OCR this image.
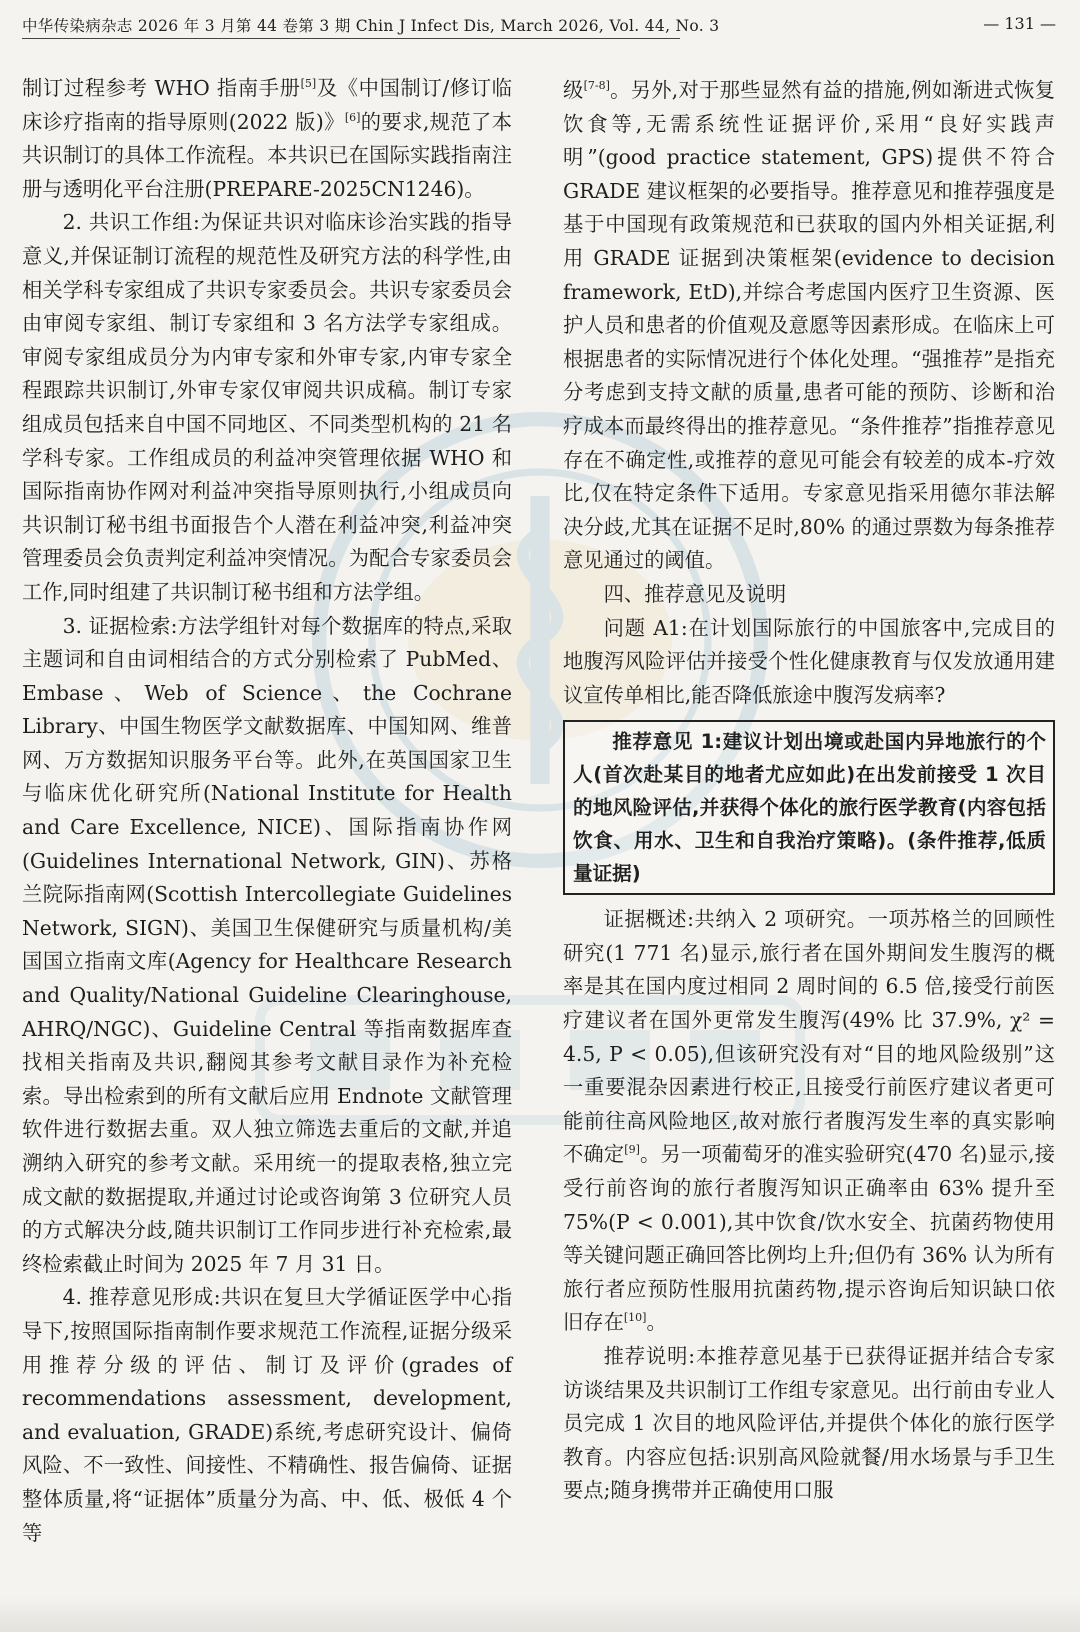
中华传染病杂志 2026 年 3 月第 44 卷第 3 期 Chin J Infect Dis, March 2026, Vol. 44, No. 3	— 131 —

制订过程参考 WHO 指南手册[5]及《中国制订/修订临床诊疗指南的指导原则(2022 版)》[6]的要求,规范了本共识制订的具体工作流程。本共识已在国际实践指南注册与透明化平台注册(PREPARE-2025CN1246)。

2. 共识工作组:为保证共识对临床诊治实践的指导意义,并保证制订流程的规范性及研究方法的科学性,由相关学科专家组成了共识专家委员会。共识专家委员会由审阅专家组、制订专家组和 3 名方法学专家组成。审阅专家组成员分为内审专家和外审专家,内审专家全程跟踪共识制订,外审专家仅审阅共识成稿。制订专家组成员包括来自中国不同地区、不同类型机构的 21 名学科专家。工作组成员的利益冲突管理依据 WHO 和国际指南协作网对利益冲突指导原则执行,小组成员向共识制订秘书组书面报告个人潜在利益冲突,利益冲突管理委员会负责判定利益冲突情况。为配合专家委员会工作,同时组建了共识制订秘书组和方法学组。

3. 证据检索:方法学组针对每个数据库的特点,采取主题词和自由词相结合的方式分别检索了 PubMed、Embase、Web of Science、the Cochrane Library、中国生物医学文献数据库、中国知网、维普网、万方数据知识服务平台等。此外,在英国国家卫生与临床优化研究所(National Institute for Health and Care Excellence, NICE)、国际指南协作网(Guidelines International Network, GIN)、苏格兰院际指南网(Scottish Intercollegiate Guidelines Network, SIGN)、美国卫生保健研究与质量机构/美国国立指南文库(Agency for Healthcare Research and Quality/National Guideline Clearinghouse, AHRQ/NGC)、Guideline Central 等指南数据库查找相关指南及共识,翻阅其参考文献目录作为补充检索。导出检索到的所有文献后应用 Endnote 文献管理软件进行数据去重。双人独立筛选去重后的文献,并追溯纳入研究的参考文献。采用统一的提取表格,独立完成文献的数据提取,并通过讨论或咨询第 3 位研究人员的方式解决分歧,随共识制订工作同步进行补充检索,最终检索截止时间为 2025 年 7 月 31 日。

4. 推荐意见形成:共识在复旦大学循证医学中心指导下,按照国际指南制作要求规范工作流程,证据分级采用推荐分级的评估、制订及评价(grades of recommendations assessment, development, and evaluation, GRADE)系统,考虑研究设计、偏倚风险、不一致性、间接性、不精确性、报告偏倚、证据整体质量,将“证据体”质量分为高、中、低、极低 4 个等

级[7-8]。另外,对于那些显然有益的措施,例如渐进式恢复饮食等,无需系统性证据评价,采用“良好实践声明”(good practice statement, GPS)提供不符合 GRADE 建议框架的必要指导。推荐意见和推荐强度是基于中国现有政策规范和已获取的国内外相关证据,利用 GRADE 证据到决策框架(evidence to decision framework, EtD),并综合考虑国内医疗卫生资源、医护人员和患者的价值观及意愿等因素形成。在临床上可根据患者的实际情况进行个体化处理。“强推荐”是指充分考虑到支持文献的质量,患者可能的预防、诊断和治疗成本而最终得出的推荐意见。“条件推荐”指推荐意见存在不确定性,或推荐的意见可能会有较差的成本-疗效比,仅在特定条件下适用。专家意见指采用德尔菲法解决分歧,尤其在证据不足时,80% 的通过票数为每条推荐意见通过的阈值。

四、推荐意见及说明

问题 A1:在计划国际旅行的中国旅客中,完成目的地腹泻风险评估并接受个性化健康教育与仅发放通用建议宣传单相比,能否降低旅途中腹泻发病率?

推荐意见 1:建议计划出境或赴国内异地旅行的个人(首次赴某目的地者尤应如此)在出发前接受 1 次目的地风险评估,并获得个体化的旅行医学教育(内容包括饮食、用水、卫生和自我治疗策略)。(条件推荐,低质量证据)

证据概述:共纳入 2 项研究。一项苏格兰的回顾性研究(1 771 名)显示,旅行者在国外期间发生腹泻的概率是其在国内度过相同 2 周时间的 6.5 倍,接受行前医疗建议者在国外更常发生腹泻(49% 比 37.9%, χ² = 4.5, P < 0.05),但该研究没有对“目的地风险级别”这一重要混杂因素进行校正,且接受行前医疗建议者更可能前往高风险地区,故对旅行者腹泻发生率的真实影响不确定[9]。另一项葡萄牙的准实验研究(470 名)显示,接受行前咨询的旅行者腹泻知识正确率由 63% 提升至 75%(P < 0.001),其中饮食/饮水安全、抗菌药物使用等关键问题正确回答比例均上升;但仍有 36% 认为所有旅行者应预防性服用抗菌药物,提示咨询后知识缺口依旧存在[10]。

推荐说明:本推荐意见基于已获得证据并结合专家访谈结果及共识制订工作组专家意见。出行前由专业人员完成 1 次目的地风险评估,并提供个体化的旅行医学教育。内容应包括:识别高风险就餐/用水场景与手卫生要点;随身携带并正确使用口服
